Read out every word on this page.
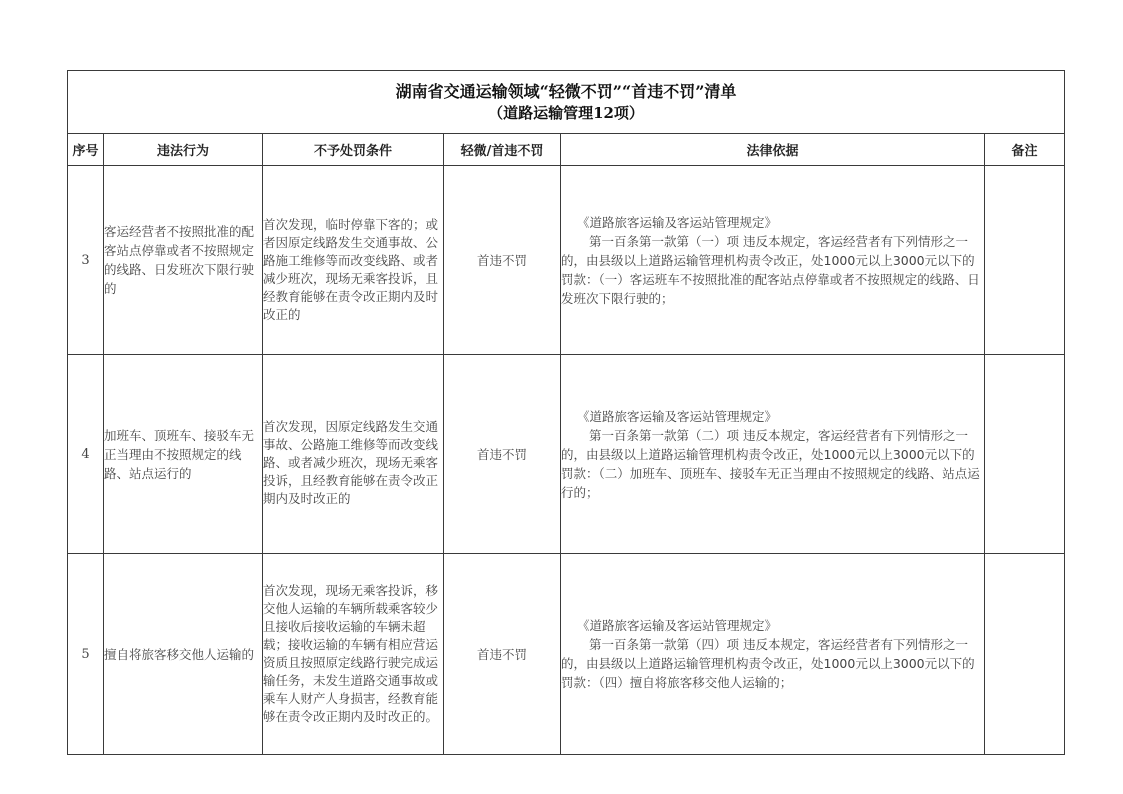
湖南省交通运输领域“轻微不罚”“首违不罚”清单
（道路运输管理12项）					

序号	违法行为	不予处罚条件	轻微/首违不罚	法律依据	备注
3	客运经营者不按照批准的配客站点停靠或者不按照规定的线路、日发班次下限行驶的	首次发现，临时停靠下客的；或者因原定线路发生交通事故、公路施工维修等而改变线路、或者减少班次，现场无乘客投诉，且经教育能够在责令改正期内及时改正的	首违不罚	《道路旅客运输及客运站管理规定》
第一百条第一款第（一）项 违反本规定，客运经营者有下列情形之一的，由县级以上道路运输管理机构责令改正，处1000元以上3000元以下的罚款：（一）客运班车不按照批准的配客站点停靠或者不按照规定的线路、日发班次下限行驶的；	

4	加班车、顶班车、接驳车无正当理由不按照规定的线路、站点运行的	首次发现，因原定线路发生交通事故、公路施工维修等而改变线路、或者减少班次，现场无乘客投诉，且经教育能够在责令改正期内及时改正的	首违不罚	《道路旅客运输及客运站管理规定》
第一百条第一款第（二）项 违反本规定，客运经营者有下列情形之一的，由县级以上道路运输管理机构责令改正，处1000元以上3000元以下的罚款：（二）加班车、顶班车、接驳车无正当理由不按照规定的线路、站点运行的；	

5	擅自将旅客移交他人运输的	首次发现，现场无乘客投诉，移交他人运输的车辆所载乘客较少且接收后接收运输的车辆未超载；接收运输的车辆有相应营运资质且按照原定线路行驶完成运输任务，未发生道路交通事故或乘车人财产人身损害，经教育能够在责令改正期内及时改正的。	首违不罚	《道路旅客运输及客运站管理规定》
第一百条第一款第（四）项 违反本规定，客运经营者有下列情形之一的，由县级以上道路运输管理机构责令改正，处1000元以上3000元以下的罚款：（四）擅自将旅客移交他人运输的；	
